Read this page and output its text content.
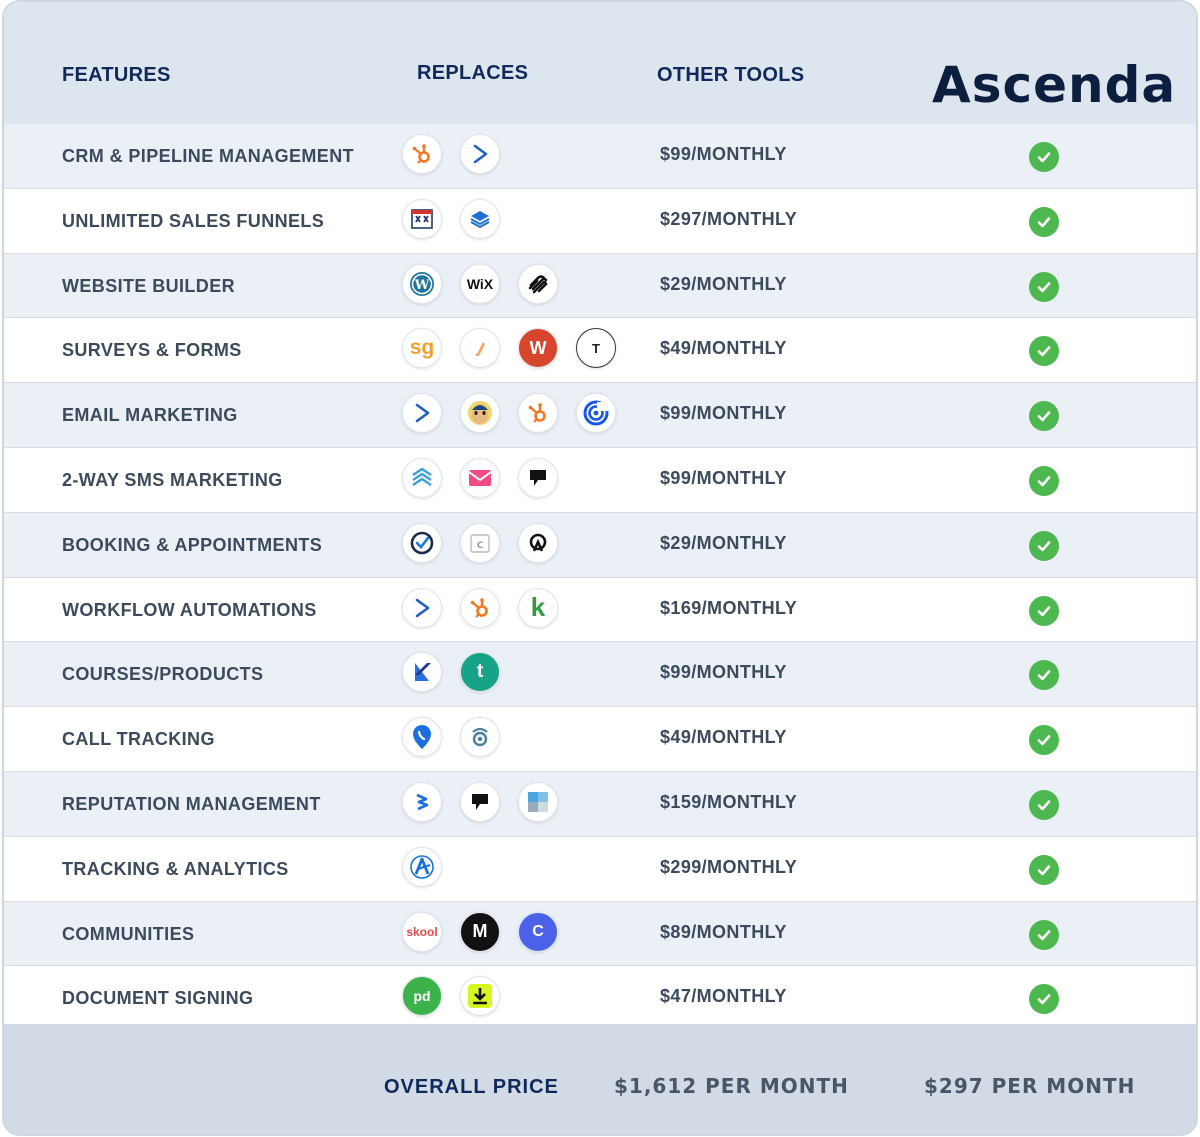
FEATURES	REPLACES	OTHER TOOLS	Ascenda
CRM & PIPELINE MANAGEMENT	$99/MONTHLY
UNLIMITED SALES FUNNELS	$297/MONTHLY
WEBSITE BUILDER	W	WiX	$29/MONTHLY
SURVEYS & FORMS	sg	W	T	$49/MONTHLY
EMAIL MARKETING	$99/MONTHLY
2-WAY SMS MARKETING	$99/MONTHLY
BOOKING & APPOINTMENTS	C	$29/MONTHLY
WORKFLOW AUTOMATIONS	k	$169/MONTHLY
COURSES/PRODUCTS	t	$99/MONTHLY
CALL TRACKING	$49/MONTHLY
REPUTATION MANAGEMENT	$159/MONTHLY
TRACKING & ANALYTICS	$299/MONTHLY
COMMUNITIES	skool	M	C	$89/MONTHLY
DOCUMENT SIGNING	pd	$47/MONTHLY
OVERALL PRICE	$1,612 PER MONTH	$297 PER MONTH
